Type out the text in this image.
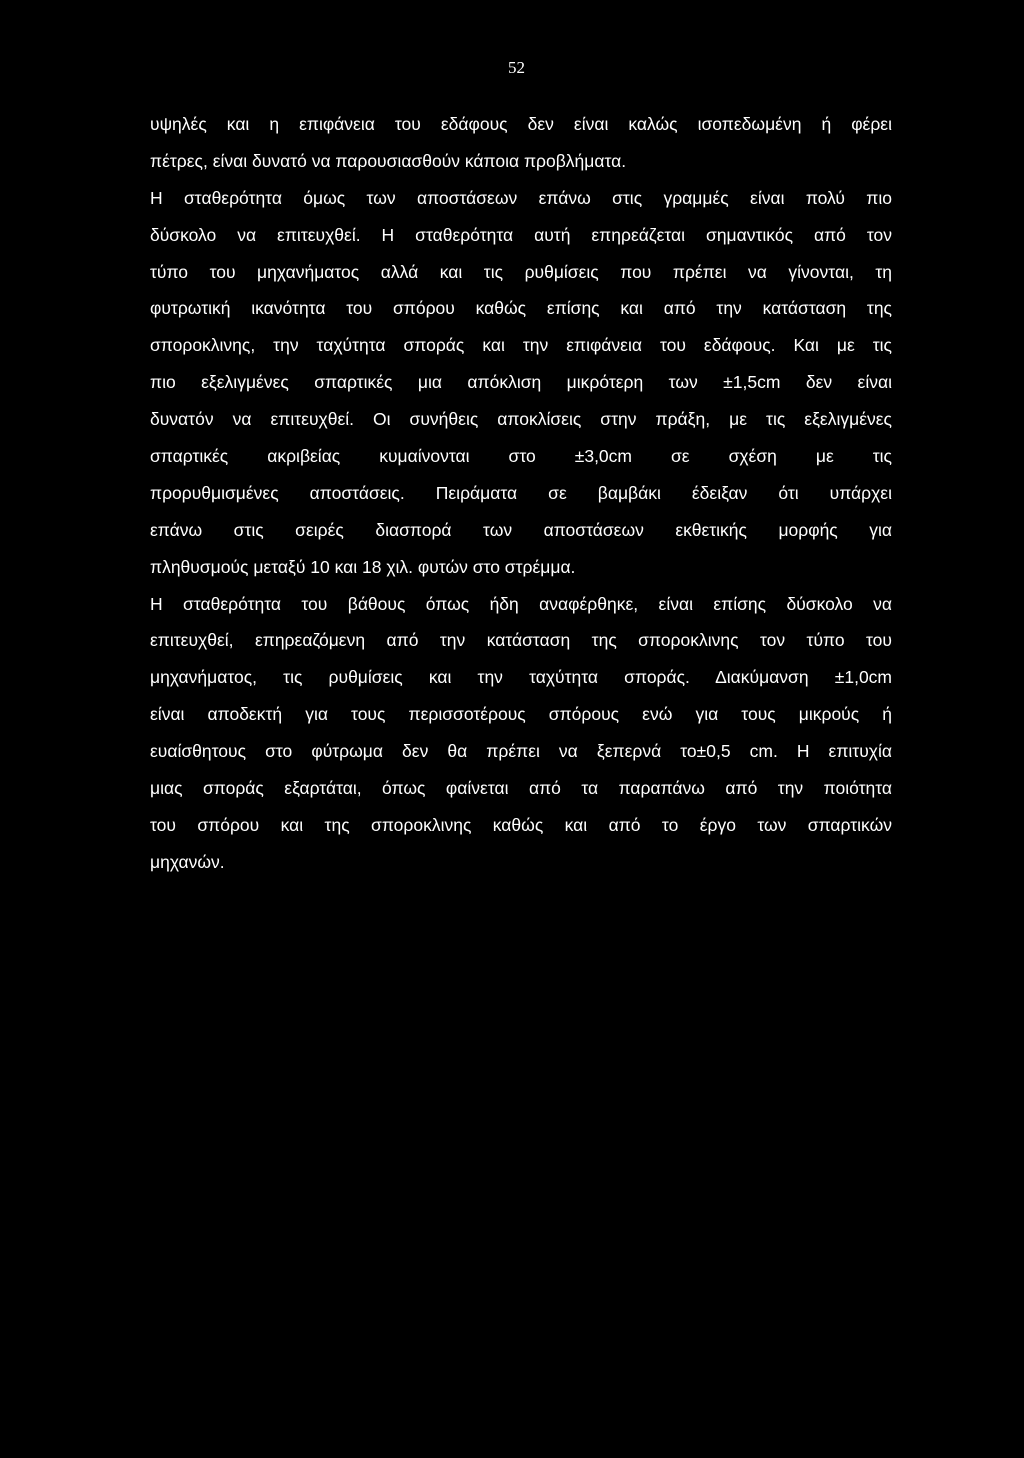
52
υψηλές και η επιφάνεια του εδάφους δεν είναι καλώς ισοπεδωμένη ή φέρει
πέτρες, είναι δυνατό να παρουσιασθούν κάποια προβλήματα.
Η σταθερότητα όμως των αποστάσεων επάνω στις γραμμές είναι πολύ πιο
δύσκολο να επιτευχθεί. Η σταθερότητα αυτή επηρεάζεται σημαντικός από τον
τύπο του μηχανήματος αλλά και τις ρυθμίσεις που πρέπει να γίνονται, τη
φυτρωτική ικανότητα του σπόρου καθώς επίσης και από την κατάσταση της
σποροκλινης, την ταχύτητα σποράς και την επιφάνεια του εδάφους. Και με τις
πιο εξελιγμένες σπαρτικές μια απόκλιση μικρότερη των ±1,5cm δεν είναι
δυνατόν να επιτευχθεί. Οι συνήθεις αποκλίσεις στην πράξη, με τις εξελιγμένες
σπαρτικές ακριβείας κυμαίνονται στο ±3,0cm σε σχέση με τις
προρυθμισμένες αποστάσεις. Πειράματα σε βαμβάκι έδειξαν ότι υπάρχει
επάνω στις σειρές διασπορά των αποστάσεων εκθετικής μορφής για
πληθυσμούς μεταξύ 10 και 18 χιλ. φυτών στο στρέμμα.
Η σταθερότητα του βάθους όπως ήδη αναφέρθηκε, είναι επίσης δύσκολο να
επιτευχθεί, επηρεαζόμενη από την κατάσταση της σποροκλινης τον τύπο του
μηχανήματος, τις ρυθμίσεις και την ταχύτητα σποράς. Διακύμανση ±1,0cm
είναι αποδεκτή για τους περισσοτέρους σπόρους ενώ για τους μικρούς ή
ευαίσθητους στο φύτρωμα δεν θα πρέπει να ξεπερνά το±0,5 cm. Η επιτυχία
μιας σποράς εξαρτάται, όπως φαίνεται από τα παραπάνω από την ποιότητα
του σπόρου και της σποροκλινης καθώς και από το έργο των σπαρτικών
μηχανών.
